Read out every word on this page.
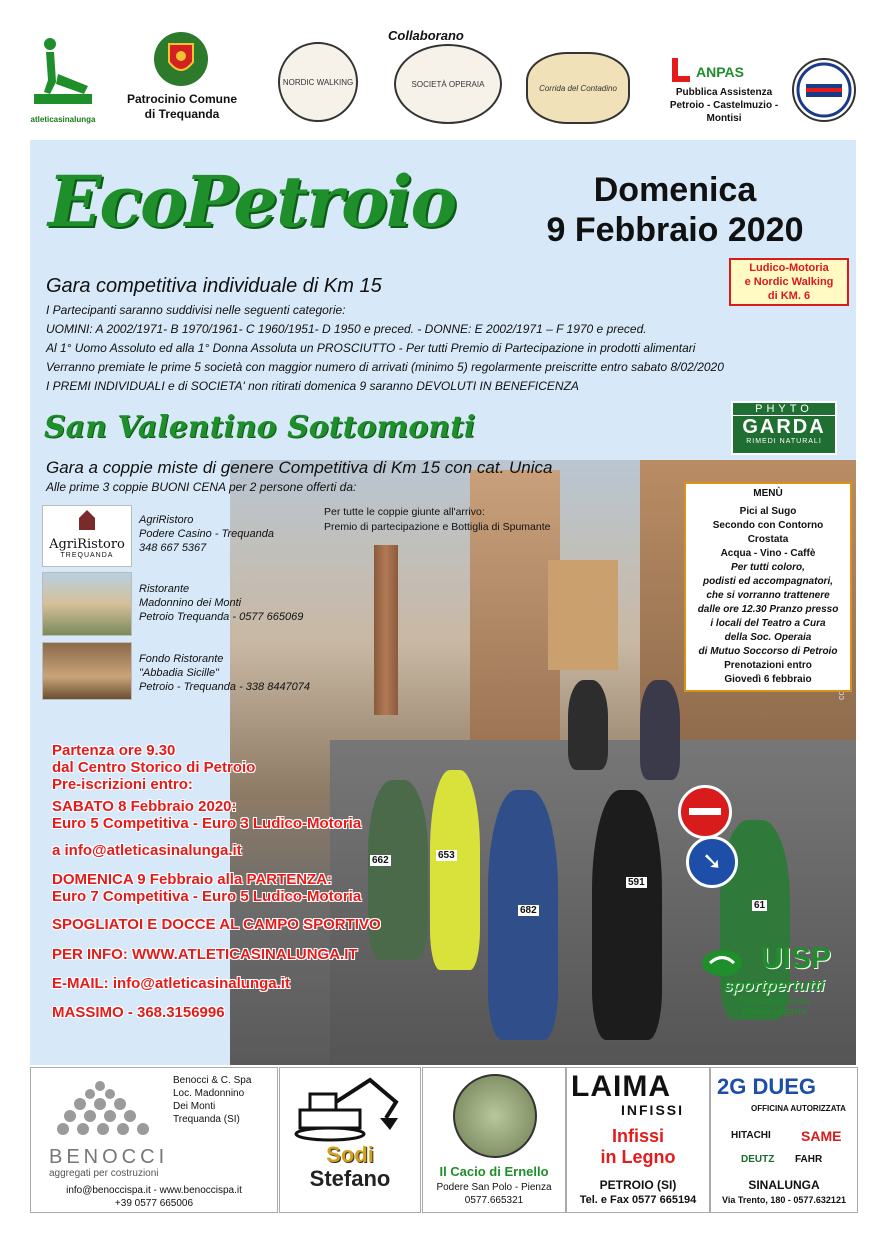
Collaborano
atleticasinalunga
Patrocinio Comune
di Trequanda
NORDIC WALKING	SOCIETÀ OPERAIA	Corrida del Contadino
ANPAS
Pubblica Assistenza
Petroio - Castelmuzio - Montisi
662
682
591
653
61
➘
EcoPetroio	Domenica
9 Febbraio 2020
Ludico-Motoria
e Nordic Walking
di KM. 6
Gara competitiva individuale di Km 15
I Partecipanti saranno suddivisi nelle seguenti categorie:
UOMINI: A 2002/1971- B 1970/1961- C 1960/1951- D 1950 e preced. - DONNE: E 2002/1971 – F 1970 e preced.
Al 1° Uomo Assoluto ed alla 1° Donna Assoluta un PROSCIUTTO - Per tutti Premio di Partecipazione in prodotti alimentari
Verranno premiate le prime 5 società con maggior numero di arrivati (minimo 5) regolarmente preiscritte entro sabato 8/02/2020
I PREMI INDIVIDUALI e di SOCIETA' non ritirati domenica 9 saranno DEVOLUTI IN BENEFICENZA
San Valentino Sottomonti
PHYTO
GARDA
RIMEDI NATURALI
Gara a coppie miste di genere Competitiva di Km 15 con cat. Unica
Alle prime 3 coppie BUONI CENA per 2 persone offerti da:
Per tutte le coppie giunte all'arrivo:
Premio di partecipazione e Bottiglia di Spumante
AgriRistoro
TREQUANDA
AgriRistoro
Podere Casino - Trequanda
348 667 5367
Ristorante
Madonnino dei Monti
Petroio Trequanda - 0577 665069
Fondo Ristorante
"Abbadia Sicille"
Petroio - Trequanda - 338 8447074
MENÙ
Pici al Sugo
Secondo con Contorno
Crostata
Acqua - Vino - Caffè
Per tutti coloro,
podisti ed accompagnatori,
che si vorranno trattenere
dalle ore 12.30 Pranzo presso
i locali del Teatro a Cura
della Soc. Operaia
di Mutuo Soccorso di Petroio
Prenotazioni entro
Giovedì 6 febbraio
Partenza ore 9.30
dal Centro Storico di Petroio
Pre-iscrizioni entro:
SABATO 8 Febbraio 2020:
Euro 5 Competitiva - Euro 3 Ludico-Motoria
a info@atleticasinalunga.it
DOMENICA 9 Febbraio alla PARTENZA:
Euro 7 Competitiva - Euro 5 Ludico-Motoria
SPOGLIATOI E DOCCE AL CAMPO SPORTIVO
PER INFO: WWW.ATLETICASINALUNGA.IT
E-MAIL: info@atleticasinalunga.it
MASSIMO - 368.3156996
UISP
sportpertutti
Comitato di Siena
Atletica Leggera
Benocci & C. Spa
Loc. Madonnino
Dei Monti
Trequanda (SI)
BENOCCI
aggregati per costruzioni
info@benoccispa.it - www.benoccispa.it
+39 0577 665006
Sodi
Stefano	Il Cacio di Ernello
Podere San Polo - Pienza
0577.665321
LAIMA
INFISSI
Infissi
in Legno
PETROIO (SI)
Tel. e Fax 0577 665194
2G DUEG
OFFICINA AUTORIZZATA
HITACHI SAME
DEUTZ FAHR
SINALUNGA
Via Trento, 180 - 0577.632121
